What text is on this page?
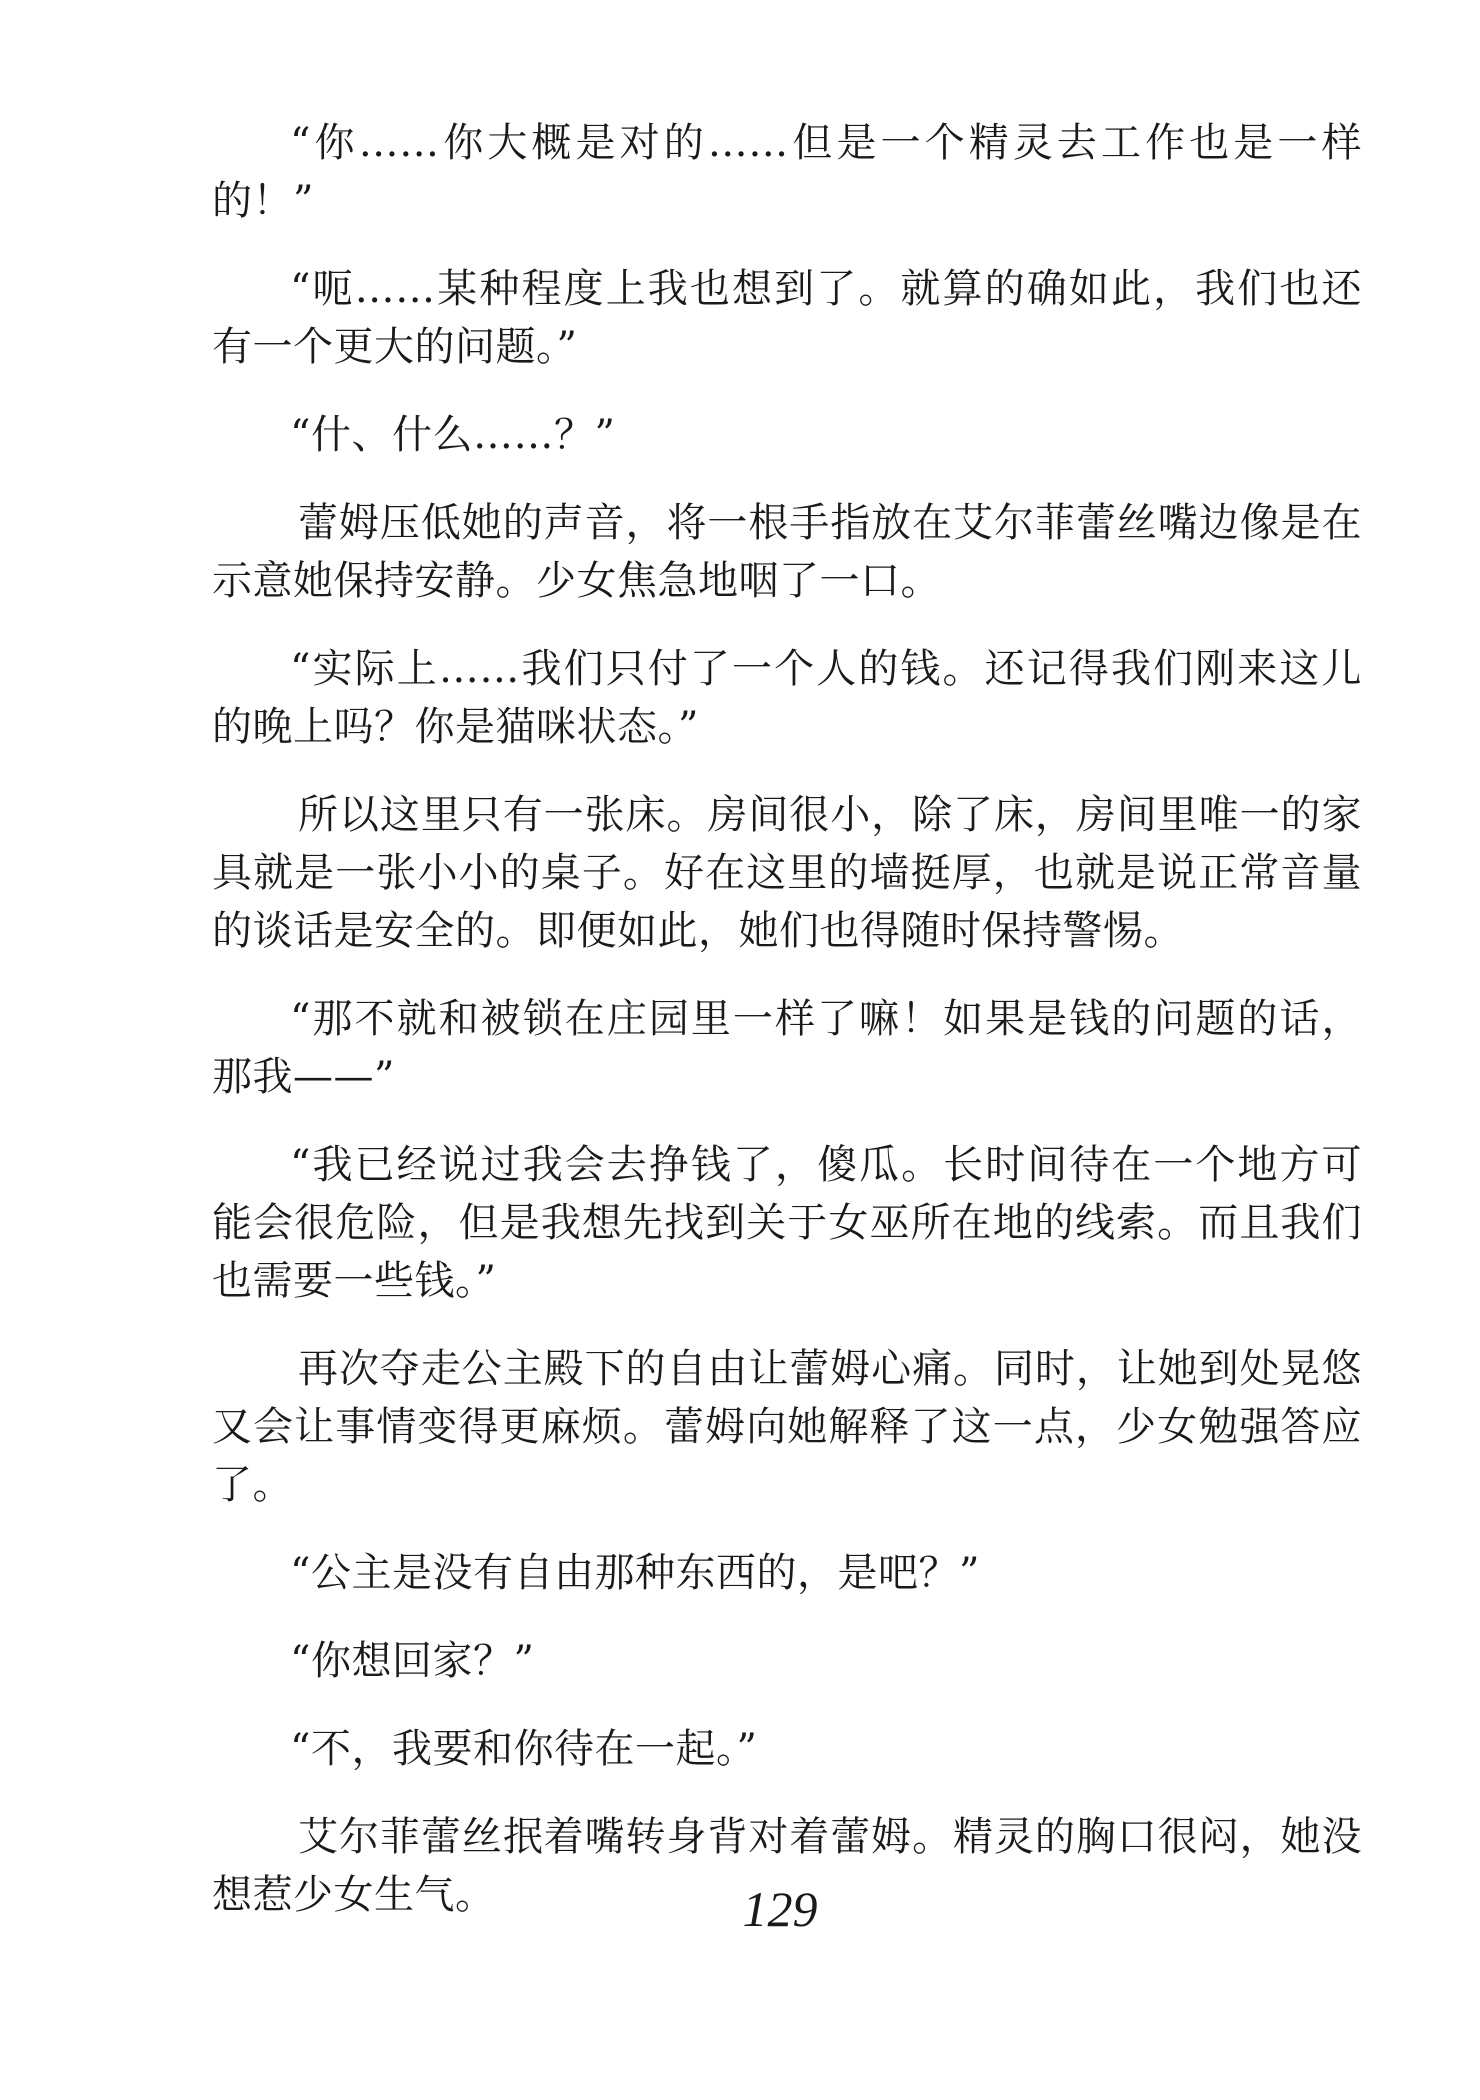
“你……你大概是对的……但是一个精灵去工作也是一样的！”

“呃……某种程度上我也想到了。就算的确如此，我们也还有一个更大的问题。”

“什、什么……？”

蕾姆压低她的声音，将一根手指放在艾尔菲蕾丝嘴边像是在示意她保持安静。少女焦急地咽了一口。

“实际上……我们只付了一个人的钱。还记得我们刚来这儿的晚上吗？你是猫咪状态。”

所以这里只有一张床。房间很小，除了床，房间里唯一的家具就是一张小小的桌子。好在这里的墙挺厚，也就是说正常音量的谈话是安全的。即便如此，她们也得随时保持警惕。

“那不就和被锁在庄园里一样了嘛！如果是钱的问题的话，那我——”

“我已经说过我会去挣钱了，傻瓜。长时间待在一个地方可能会很危险，但是我想先找到关于女巫所在地的线索。而且我们也需要一些钱。”

再次夺走公主殿下的自由让蕾姆心痛。同时，让她到处晃悠又会让事情变得更麻烦。蕾姆向她解释了这一点，少女勉强答应了。

“公主是没有自由那种东西的，是吧？”

“你想回家？”

“不，我要和你待在一起。”

艾尔菲蕾丝抿着嘴转身背对着蕾姆。精灵的胸口很闷，她没想惹少女生气。	129
